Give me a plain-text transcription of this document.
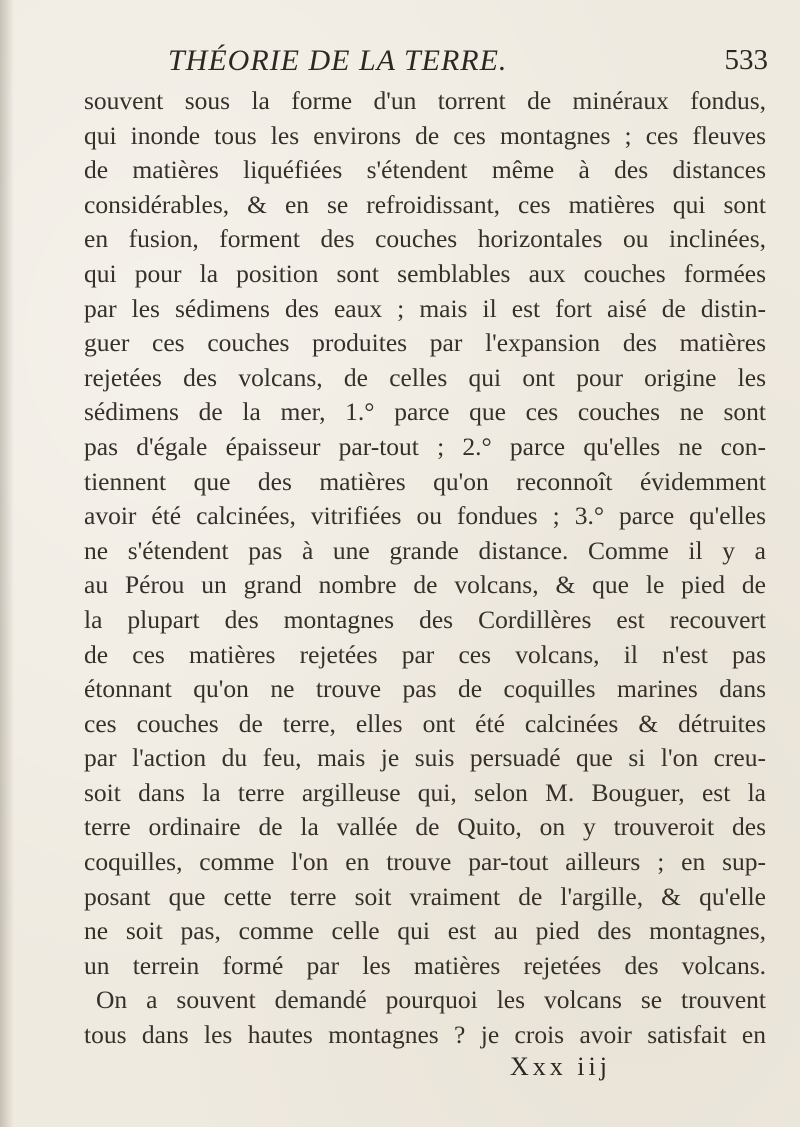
THÉORIE DE LA TERRE.	533
souvent sous la forme d'un torrent de minéraux fondus,
qui inonde tous les environs de ces montagnes ; ces fleuves
de matières liquéfiées s'étendent même à des distances
considérables, & en se refroidissant, ces matières qui sont
en fusion, forment des couches horizontales ou inclinées,
qui pour la position sont semblables aux couches formées
par les sédimens des eaux ; mais il est fort aisé de distin-
guer ces couches produites par l'expansion des matières
rejetées des volcans, de celles qui ont pour origine les
sédimens de la mer, 1.° parce que ces couches ne sont
pas d'égale épaisseur par-tout ; 2.° parce qu'elles ne con-
tiennent que des matières qu'on reconnoît évidemment
avoir été calcinées, vitrifiées ou fondues ; 3.° parce qu'elles
ne s'étendent pas à une grande distance. Comme il y a
au Pérou un grand nombre de volcans, & que le pied de
la plupart des montagnes des Cordillères est recouvert
de ces matières rejetées par ces volcans, il n'est pas
étonnant qu'on ne trouve pas de coquilles marines dans
ces couches de terre, elles ont été calcinées & détruites
par l'action du feu, mais je suis persuadé que si l'on creu-
soit dans la terre argilleuse qui, selon M. Bouguer, est la
terre ordinaire de la vallée de Quito, on y trouveroit des
coquilles, comme l'on en trouve par-tout ailleurs ; en sup-
posant que cette terre soit vraiment de l'argille, & qu'elle
ne soit pas, comme celle qui est au pied des montagnes,
un terrein formé par les matières rejetées des volcans.
On a souvent demandé pourquoi les volcans se trouvent
tous dans les hautes montagnes ? je crois avoir satisfait en
Xxx iij
